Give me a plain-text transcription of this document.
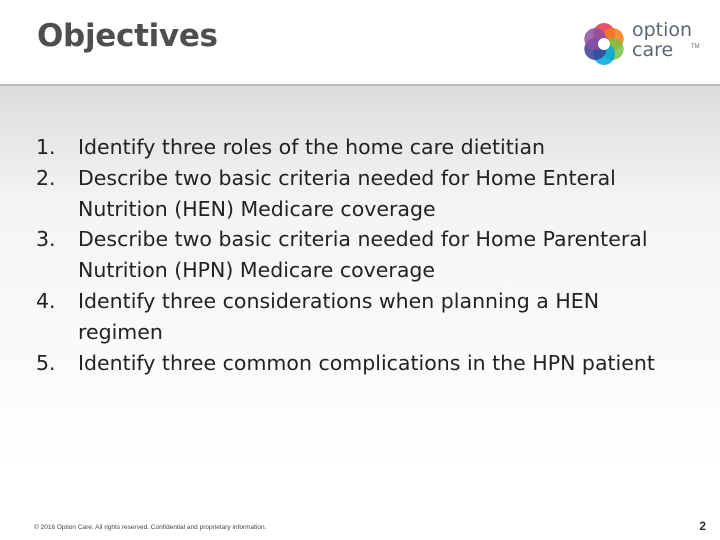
Objectives	option
care	TM
1. Identify three roles of the home care dietitian
2. Describe two basic criteria needed for Home Enteral Nutrition (HEN) Medicare coverage
3. Describe two basic criteria needed for Home Parenteral Nutrition (HPN) Medicare coverage
4. Identify three considerations when planning a HEN regimen
5. Identify three common complications in the HPN patient
© 2016 Option Care. All rights reserved. Confidential and proprietary information.	2
